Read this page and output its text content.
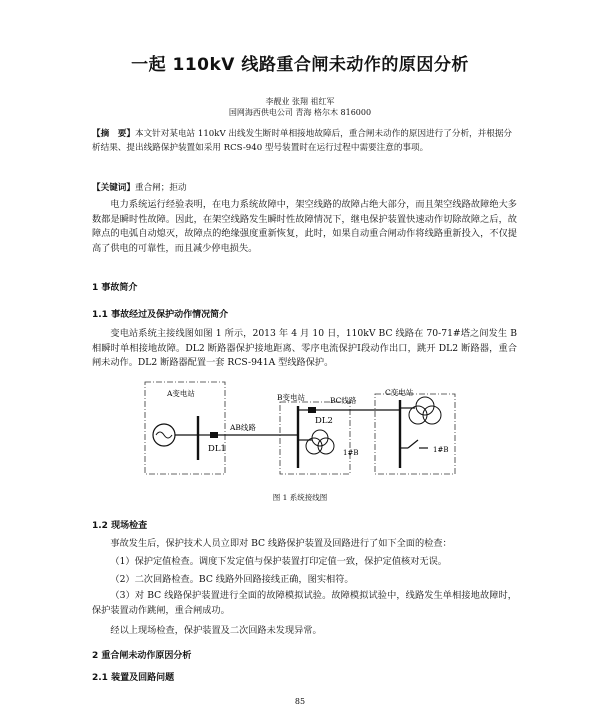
一起 110kV 线路重合闸未动作的原因分析
李靓业 张翔 祖红军
国网海西供电公司 青海 格尔木 816000
【摘　要】本文针对某电站 110kV 出线发生断时单相接地故障后，重合闸未动作的原因进行了分析，并根据分析结果、提出线路保护装置如采用 RCS-940 型号装置时在运行过程中需要注意的事项。
【关键词】重合闸；拒动
电力系统运行经验表明，在电力系统故障中，架空线路的故障占绝大部分，而且架空线路故障绝大多数都是瞬时性故障。因此，在架空线路发生瞬时性故障情况下，继电保护装置快速动作切除故障之后，故障点的电弧自动熄灭，故障点的绝缘强度重新恢复，此时，如果自动重合闸动作将线路重新投入，不仅提高了供电的可靠性，而且减少停电损失。
1 事故简介
1.1 事故经过及保护动作情况简介
变电站系统主接线图如图 1 所示，2013 年 4 月 10 日，110kV BC 线路在 70-71#塔之间发生 B 相瞬时单相接地故障。DL2 断路器保护接地距离、零序电流保护Ⅰ段动作出口，跳开 DL2 断路器，重合闸未动作。DL2 断路器配置一套 RCS-941A 型线路保护。
A变电站
AB线路
DL1
B变电站	BC线路
DL2
1#B
C变电站
1#B
图 1 系统接线图
1.2 现场检查
事故发生后，保护技术人员立即对 BC 线路保护装置及回路进行了如下全面的检查：
（1）保护定值检查。调度下发定值与保护装置打印定值一致，保护定值核对无误。
（2）二次回路检查。BC 线路外回路接线正确，图实相符。
（3）对 BC 线路保护装置进行全面的故障模拟试验。故障模拟试验中，线路发生单相接地故障时，保护装置动作跳闸，重合闸成功。
经以上现场检查，保护装置及二次回路未发现异常。
2 重合闸未动作原因分析
2.1 装置及回路问题
85
